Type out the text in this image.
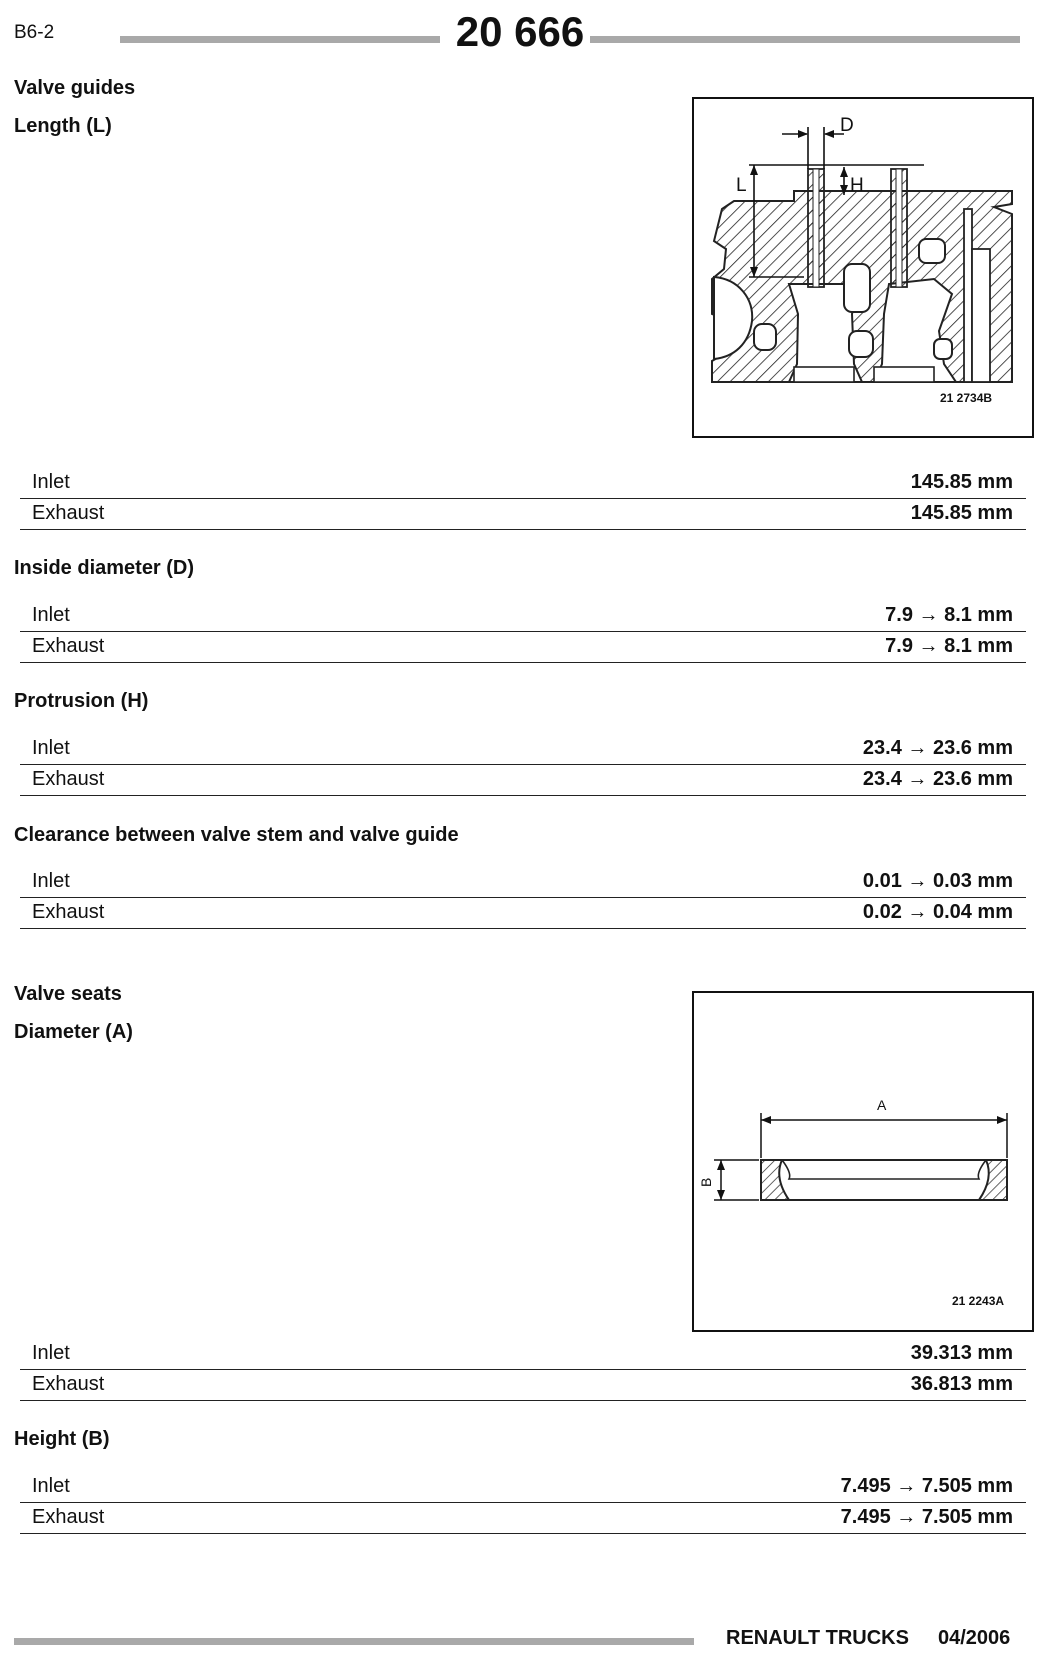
B6-2	20 666
Valve guides
Length (L)	D
L	H
21 2734B
Inlet	145.85 mm
Exhaust	145.85 mm
Inside diameter (D)
Inlet	7.9 → 8.1 mm
Exhaust	7.9 → 8.1 mm
Protrusion (H)
Inlet	23.4 → 23.6 mm
Exhaust	23.4 → 23.6 mm
Clearance between valve stem and valve guide
Inlet	0.01 → 0.03 mm
Exhaust	0.02 → 0.04 mm
Valve seats
Diameter (A)
A
B
21 2243A
Inlet	39.313 mm
Exhaust	36.813 mm
Height (B)
Inlet	7.495 → 7.505 mm
Exhaust	7.495 → 7.505 mm
RENAULT TRUCKS 04/2006
